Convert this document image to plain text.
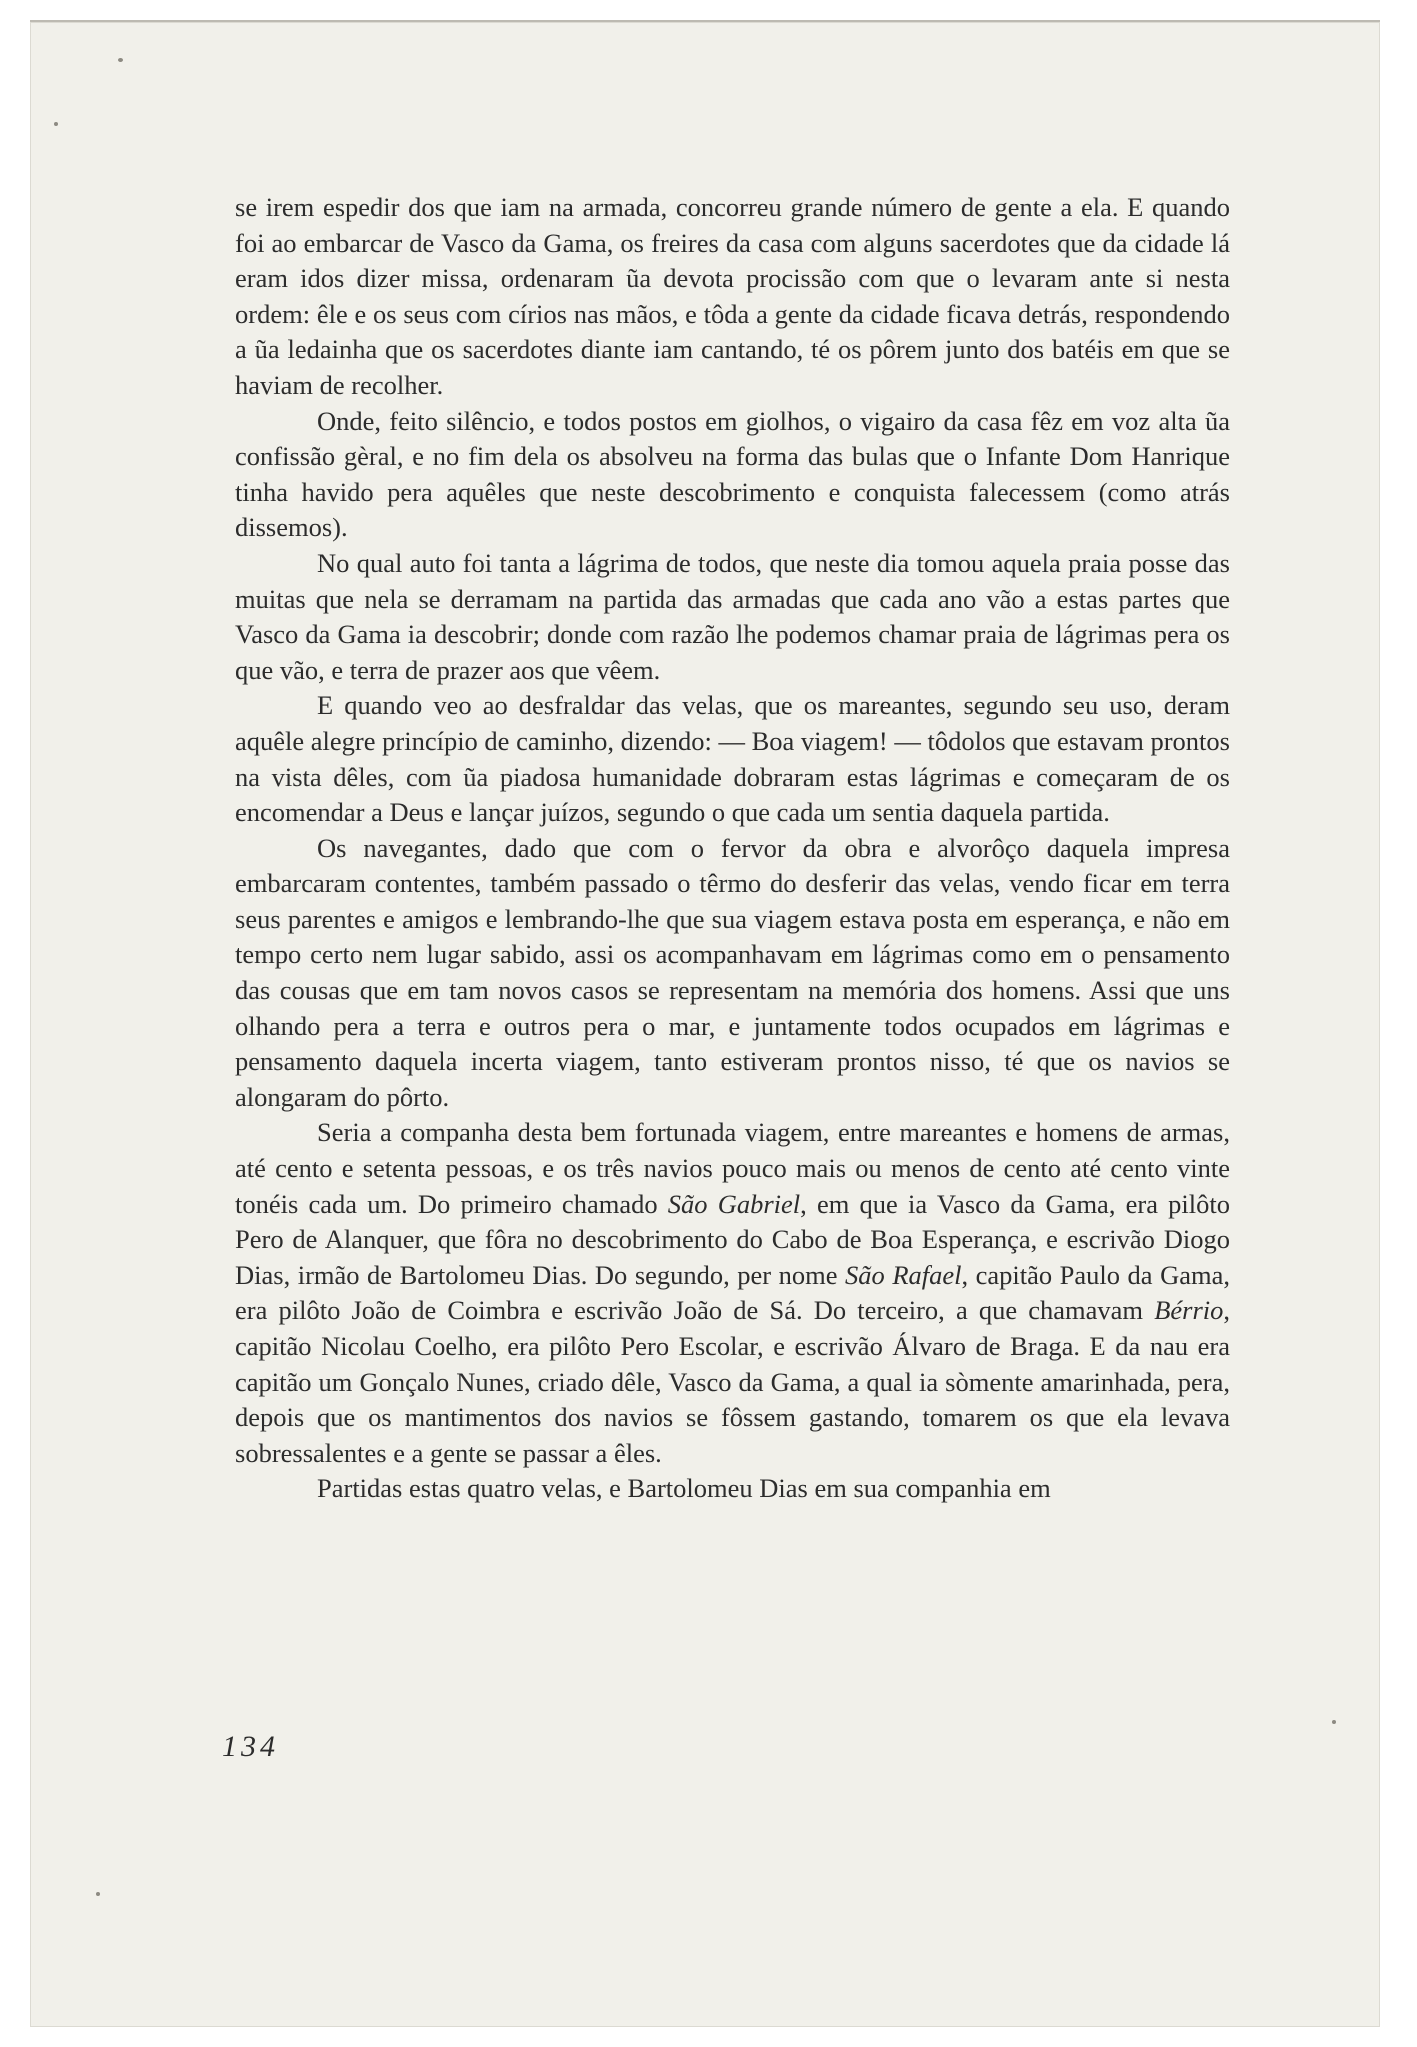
se irem espedir dos que iam na armada, concorreu grande número de gente a ela. E quando foi ao embarcar de Vasco da Gama, os freires da casa com alguns sacerdotes que da cidade lá eram idos dizer missa, ordenaram ũa devota procissão com que o levaram ante si nesta ordem: êle e os seus com círios nas mãos, e tôda a gente da cidade ficava detrás, respondendo a ũa ledainha que os sacerdotes diante iam cantando, té os pôrem junto dos batéis em que se haviam de recolher.

Onde, feito silêncio, e todos postos em giolhos, o vigairo da casa fêz em voz alta ũa confissão gèral, e no fim dela os absolveu na forma das bulas que o Infante Dom Hanrique tinha havido pera aquêles que neste descobrimento e conquista falecessem (como atrás dissemos).

No qual auto foi tanta a lágrima de todos, que neste dia tomou aquela praia posse das muitas que nela se derramam na partida das armadas que cada ano vão a estas partes que Vasco da Gama ia descobrir; donde com razão lhe podemos chamar praia de lágrimas pera os que vão, e terra de prazer aos que vêem.

E quando veo ao desfraldar das velas, que os mareantes, segundo seu uso, deram aquêle alegre princípio de caminho, dizendo: — Boa viagem! — tôdolos que estavam prontos na vista dêles, com ũa piadosa humanidade dobraram estas lágrimas e começaram de os encomendar a Deus e lançar juízos, segundo o que cada um sentia daquela partida.

Os navegantes, dado que com o fervor da obra e alvorôço daquela impresa embarcaram contentes, também passado o têrmo do desferir das velas, vendo ficar em terra seus parentes e amigos e lembrando-lhe que sua viagem estava posta em esperança, e não em tempo certo nem lugar sabido, assi os acompanhavam em lágrimas como em o pensamento das cousas que em tam novos casos se representam na memória dos homens. Assi que uns olhando pera a terra e outros pera o mar, e juntamente todos ocupados em lágrimas e pensamento daquela incerta viagem, tanto estiveram prontos nisso, té que os navios se alongaram do pôrto.

Seria a companha desta bem fortunada viagem, entre mareantes e homens de armas, até cento e setenta pessoas, e os três navios pouco mais ou menos de cento até cento vinte tonéis cada um. Do primeiro chamado São Gabriel, em que ia Vasco da Gama, era pilôto Pero de Alanquer, que fôra no descobrimento do Cabo de Boa Esperança, e escrivão Diogo Dias, irmão de Bartolomeu Dias. Do segundo, per nome São Rafael, capitão Paulo da Gama, era pilôto João de Coimbra e escrivão João de Sá. Do terceiro, a que chamavam Bérrio, capitão Nicolau Coelho, era pilôto Pero Escolar, e escrivão Álvaro de Braga. E da nau era capitão um Gonçalo Nunes, criado dêle, Vasco da Gama, a qual ia sòmente amarinhada, pera, depois que os mantimentos dos navios se fôssem gastando, tomarem os que ela levava sobressalentes e a gente se passar a êles.

Partidas estas quatro velas, e Bartolomeu Dias em sua companhia em

134
